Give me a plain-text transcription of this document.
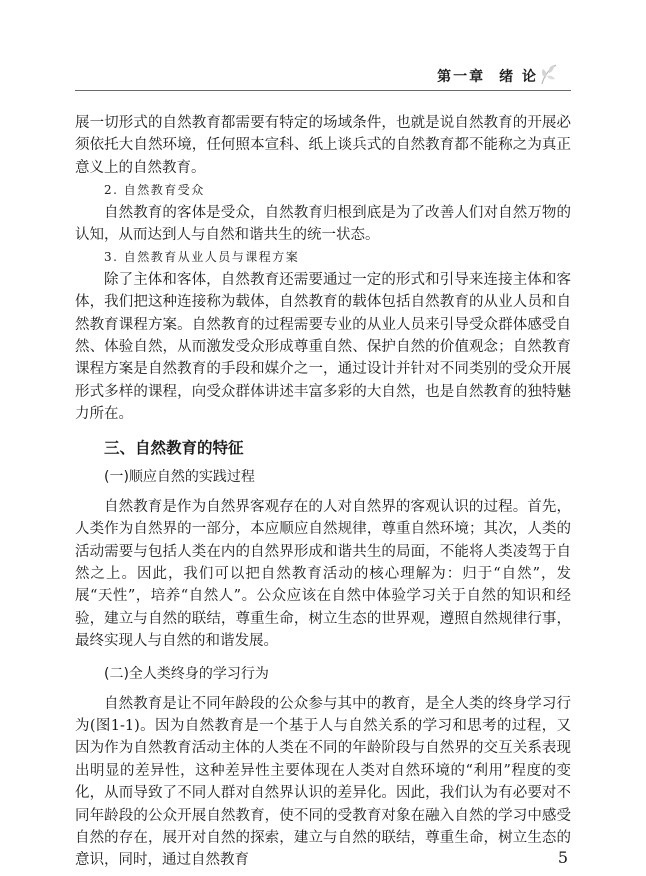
第一章 绪 论

展一切形式的自然教育都需要有特定的场域条件，也就是说自然教育的开展必须依托大自然环境，任何照本宣科、纸上谈兵式的自然教育都不能称之为真正意义上的自然教育。

2. 自然教育受众

自然教育的客体是受众，自然教育归根到底是为了改善人们对自然万物的认知，从而达到人与自然和谐共生的统一状态。

3. 自然教育从业人员与课程方案

除了主体和客体，自然教育还需要通过一定的形式和引导来连接主体和客体，我们把这种连接称为载体，自然教育的载体包括自然教育的从业人员和自然教育课程方案。自然教育的过程需要专业的从业人员来引导受众群体感受自然、体验自然，从而激发受众形成尊重自然、保护自然的价值观念；自然教育课程方案是自然教育的手段和媒介之一，通过设计并针对不同类别的受众开展形式多样的课程，向受众群体讲述丰富多彩的大自然，也是自然教育的独特魅力所在。

三、自然教育的特征
(一)顺应自然的实践过程

自然教育是作为自然界客观存在的人对自然界的客观认识的过程。首先，人类作为自然界的一部分，本应顺应自然规律，尊重自然环境；其次，人类的活动需要与包括人类在内的自然界形成和谐共生的局面，不能将人类凌驾于自然之上。因此，我们可以把自然教育活动的核心理解为：归于“自然”，发展“天性”，培养“自然人”。公众应该在自然中体验学习关于自然的知识和经验，建立与自然的联结，尊重生命，树立生态的世界观，遵照自然规律行事，最终实现人与自然的和谐发展。

(二)全人类终身的学习行为

自然教育是让不同年龄段的公众参与其中的教育，是全人类的终身学习行为(图1-1)。因为自然教育是一个基于人与自然关系的学习和思考的过程，又因为作为自然教育活动主体的人类在不同的年龄阶段与自然界的交互关系表现出明显的差异性，这种差异性主要体现在人类对自然环境的“利用”程度的变化，从而导致了不同人群对自然界认识的差异化。因此，我们认为有必要对不同年龄段的公众开展自然教育，使不同的受教育对象在融入自然的学习中感受自然的存在，展开对自然的探索，建立与自然的联结，尊重生命，树立生态的意识，同时，通过自然教育	5
